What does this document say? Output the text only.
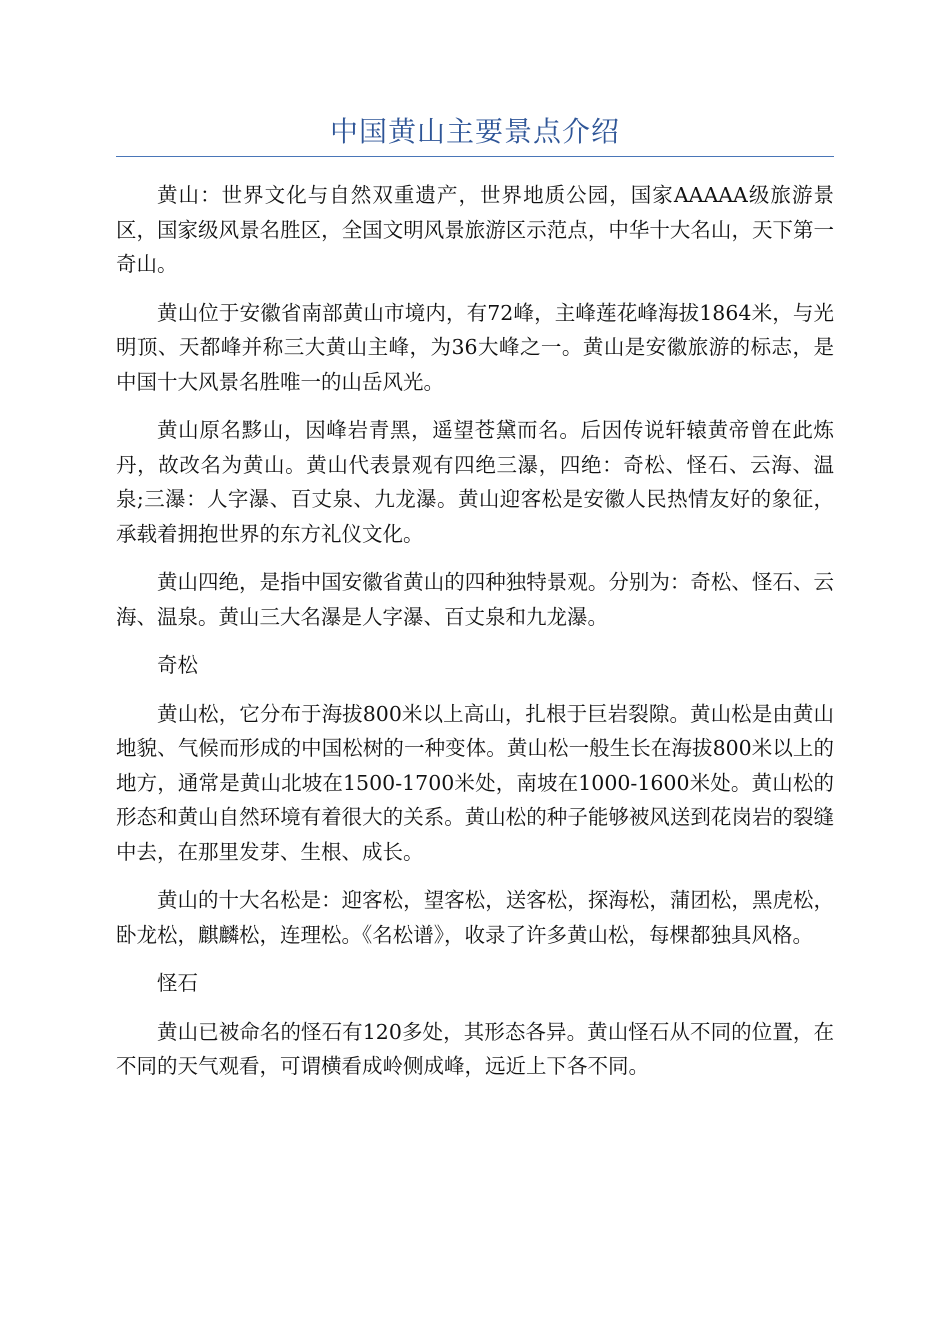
中国黄山主要景点介绍

黄山：世界文化与自然双重遗产，世界地质公园，国家AAAAA级旅游景区，国家级风景名胜区，全国文明风景旅游区示范点，中华十大名山，天下第一奇山。

黄山位于安徽省南部黄山市境内，有72峰，主峰莲花峰海拔1864米，与光明顶、天都峰并称三大黄山主峰，为36大峰之一。黄山是安徽旅游的标志，是中国十大风景名胜唯一的山岳风光。

黄山原名黟山，因峰岩青黑，遥望苍黛而名。后因传说轩辕黄帝曾在此炼丹，故改名为黄山。黄山代表景观有四绝三瀑，四绝：奇松、怪石、云海、温泉;三瀑：人字瀑、百丈泉、九龙瀑。黄山迎客松是安徽人民热情友好的象征，承载着拥抱世界的东方礼仪文化。

黄山四绝，是指中国安徽省黄山的四种独特景观。分别为：奇松、怪石、云海、温泉。黄山三大名瀑是人字瀑、百丈泉和九龙瀑。

奇松

黄山松，它分布于海拔800米以上高山，扎根于巨岩裂隙。黄山松是由黄山地貌、气候而形成的中国松树的一种变体。黄山松一般生长在海拔800米以上的地方，通常是黄山北坡在1500-1700米处，南坡在1000-1600米处。黄山松的形态和黄山自然环境有着很大的关系。黄山松的种子能够被风送到花岗岩的裂缝中去，在那里发芽、生根、成长。

黄山的十大名松是：迎客松，望客松，送客松，探海松，蒲团松，黑虎松，卧龙松，麒麟松，连理松。《名松谱》，收录了许多黄山松，每棵都独具风格。

怪石

黄山已被命名的怪石有120多处，其形态各异。黄山怪石从不同的位置，在不同的天气观看，可谓横看成岭侧成峰，远近上下各不同。
